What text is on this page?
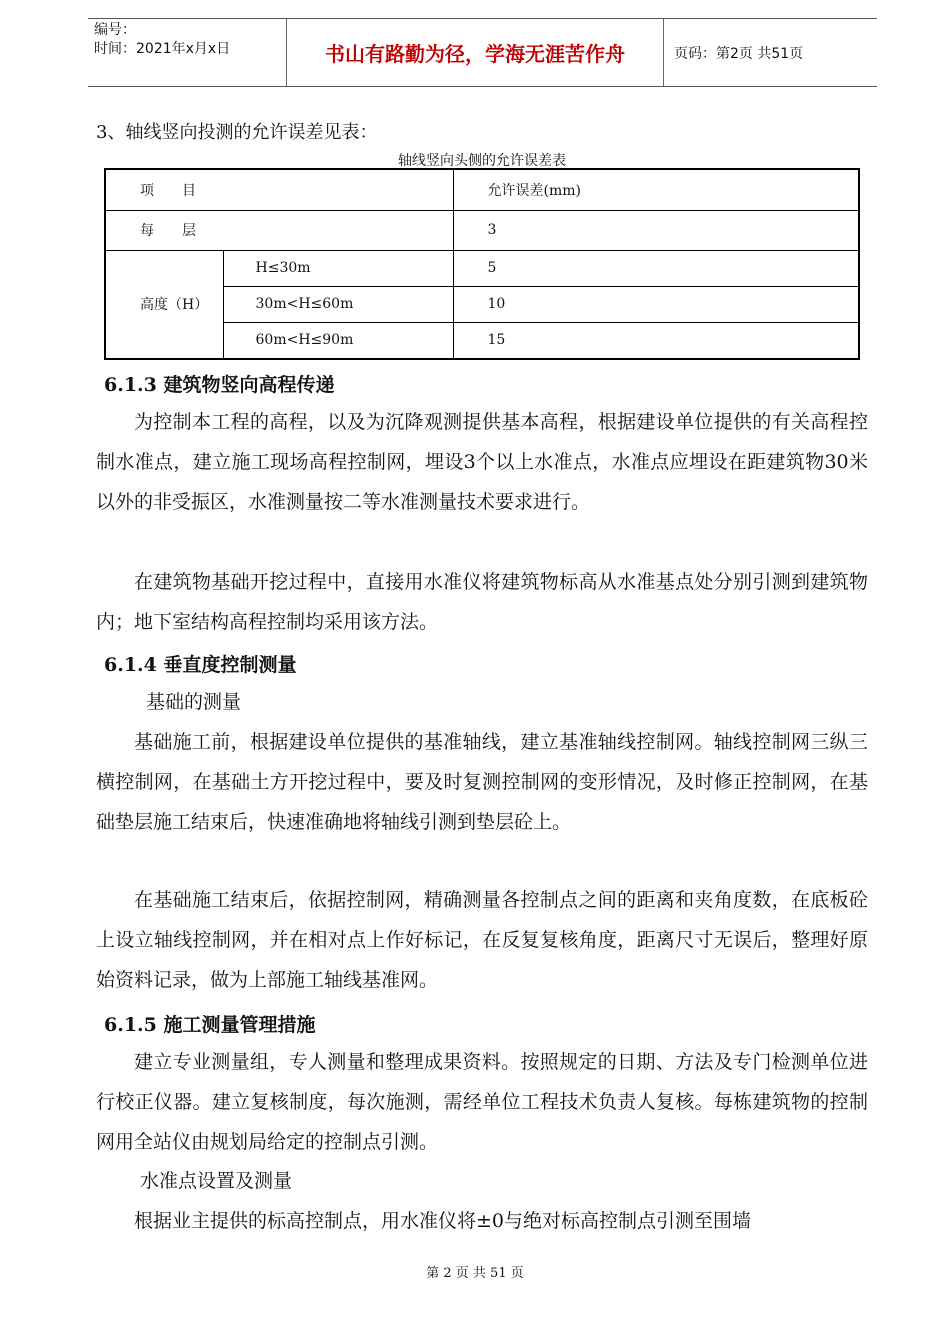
编号：
时间：2021年x月x日	书山有路勤为径，学海无涯苦作舟	页码：第2页 共51页
3、轴线竖向投测的允许误差见表：
轴线竖向头侧的允许误差表
项　　目		允许误差(mm)
每　　层		3
高度（H）	H≤30m	5
	30m<H≤60m	10
	60m<H≤90m	15
6.1.3 建筑物竖向高程传递

为控制本工程的高程，以及为沉降观测提供基本高程，根据建设单位提供的有关高程控制水准点，建立施工现场高程控制网，埋设3个以上水准点，水准点应埋设在距建筑物30米以外的非受振区，水准测量按二等水准测量技术要求进行。

在建筑物基础开挖过程中，直接用水准仪将建筑物标高从水准基点处分别引测到建筑物内；地下室结构高程控制均采用该方法。

6.1.4 垂直度控制测量

基础的测量

基础施工前，根据建设单位提供的基准轴线，建立基准轴线控制网。轴线控制网三纵三横控制网，在基础土方开挖过程中，要及时复测控制网的变形情况，及时修正控制网，在基础垫层施工结束后，快速准确地将轴线引测到垫层砼上。

在基础施工结束后，依据控制网，精确测量各控制点之间的距离和夹角度数，在底板砼上设立轴线控制网，并在相对点上作好标记，在反复复核角度，距离尺寸无误后，整理好原始资料记录，做为上部施工轴线基准网。

6.1.5 施工测量管理措施

建立专业测量组，专人测量和整理成果资料。按照规定的日期、方法及专门检测单位进行校正仪器。建立复核制度，每次施测，需经单位工程技术负责人复核。每栋建筑物的控制网用全站仪由规划局给定的控制点引测。

水准点设置及测量

根据业主提供的标高控制点，用水准仪将±0与绝对标高控制点引测至围墙

第 2 页 共 51 页
